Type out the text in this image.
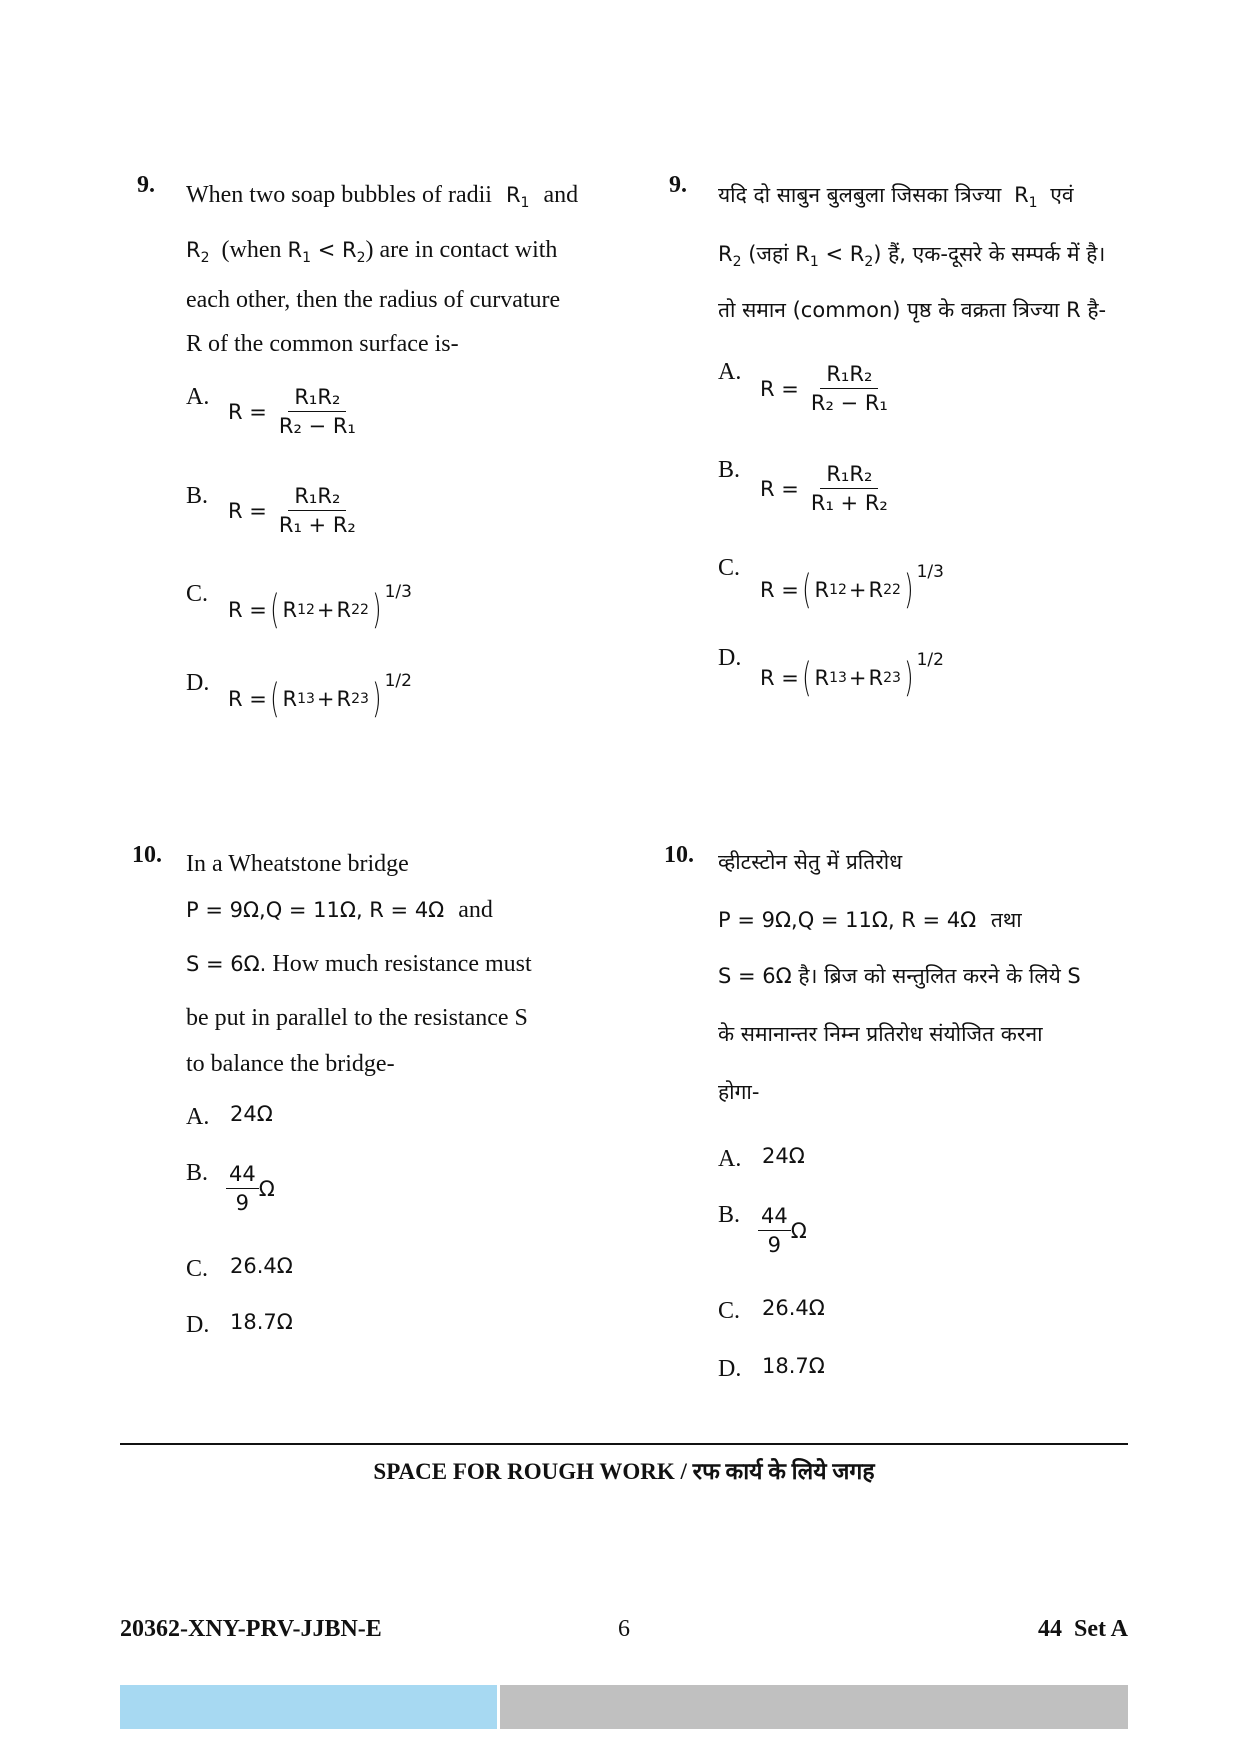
9. When two soap bubbles of radii $R_1$ and
$R_2$ (when $R_1 < R_2$) are in contact with
each other, then the radius of curvature
R of the common surface is-
A.
$R = \frac{\text{R₁R₂}}{\text{R₂ − R₁}}$
B.
$R = \frac{\text{R₁R₂}}{\text{R₁ + R₂}}$
C.
R = ( R 1 2 + R 2 2 ) 1/3
D.
R = ( R 1 3 + R 2 3 ) 1/2
9. यदि दो साबुन बुलबुला जिसका त्रिज्या $R_1$ एवं
$R_2$ (जहां $R_1 < R_2$) हैं, एक-दूसरे के सम्पर्क में है।
तो समान (common) पृष्ठ के वक्रता त्रिज्या R है-
A.
$R = \frac{\text{R₁R₂}}{\text{R₂ − R₁}}$
B.
$R = \frac{\text{R₁R₂}}{\text{R₁ + R₂}}$
C.
R = ( R 1 2 + R 2 2 ) 1/3
D.
R = ( R 1 3 + R 2 3 ) 1/2
10. In a Wheatstone bridge
P = 9Ω,Q = 11Ω, R = 4Ω and
S = 6Ω. How much resistance must
be put in parallel to the resistance S
to balance the bridge-
A. 24Ω
B. $\frac{44}{9}$ Ω
C. 26.4Ω
D. 18.7Ω
10. व्हीटस्टोन सेतु में प्रतिरोध
P = 9Ω,Q = 11Ω, R = 4Ω तथा
S = 6Ω है। ब्रिज को सन्तुलित करने के लिये S
के समानान्तर निम्न प्रतिरोध संयोजित करना
होगा-
A. 24Ω
B. $\frac{44}{9}$ Ω
C. 26.4Ω
D. 18.7Ω
SPACE FOR ROUGH WORK / रफ कार्य के लिये जगह
20362-XNY-PRV-JJBN-E	6	44  Set A
